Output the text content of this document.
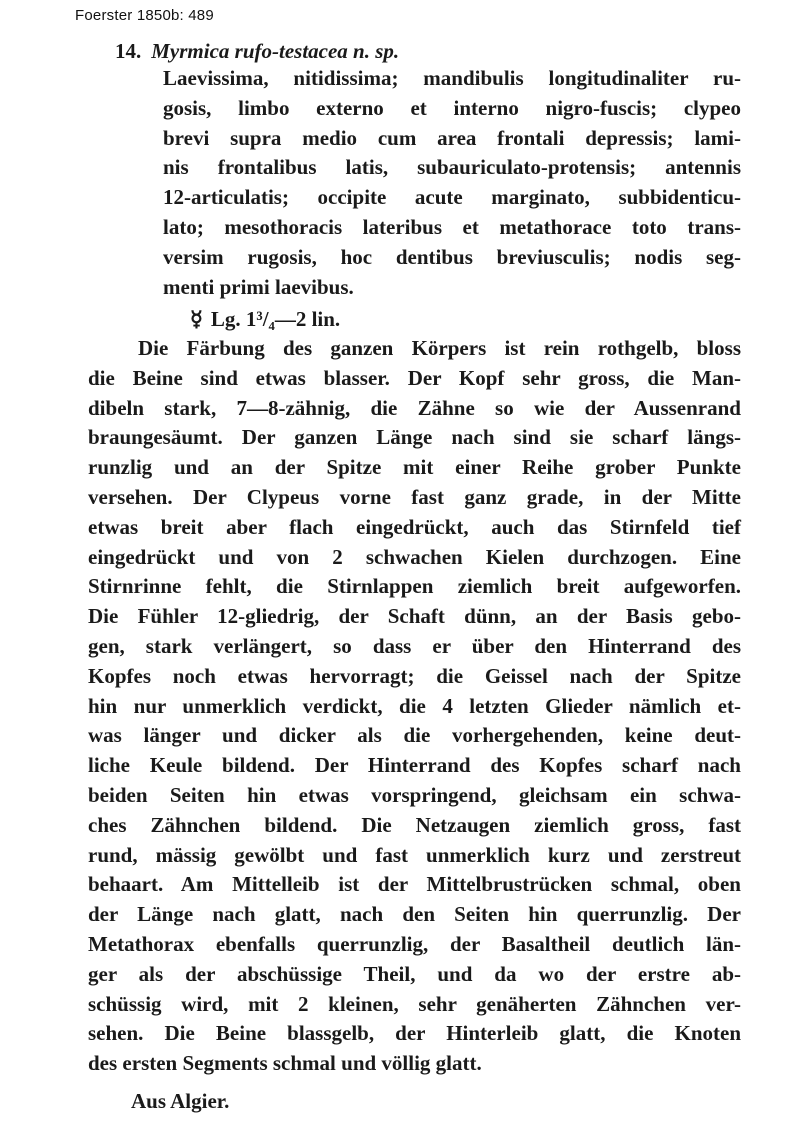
Foerster 1850b: 489
14. Myrmica rufo-testacea n. sp.
Laevissima, nitidissima; mandibulis longitudinaliter ru-
gosis, limbo externo et interno nigro-fuscis; clypeo
brevi supra medio cum area frontali depressis; lami-
nis frontalibus latis, subauriculato-protensis; antennis
12-articulatis; occipite acute marginato, subbidenticu-
lato; mesothoracis lateribus et metathorace toto trans-
versim rugosis, hoc dentibus breviusculis; nodis seg-
menti primi laevibus.
☿ Lg. 1³/₄—2 lin.
Die Färbung des ganzen Körpers ist rein rothgelb, bloss
die Beine sind etwas blasser. Der Kopf sehr gross, die Man-
dibeln stark, 7—8-zähnig, die Zähne so wie der Aussenrand
braungesäumt. Der ganzen Länge nach sind sie scharf längs-
runzlig und an der Spitze mit einer Reihe grober Punkte
versehen. Der Clypeus vorne fast ganz grade, in der Mitte
etwas breit aber flach eingedrückt, auch das Stirnfeld tief
eingedrückt und von 2 schwachen Kielen durchzogen. Eine
Stirnrinne fehlt, die Stirnlappen ziemlich breit aufgeworfen.
Die Fühler 12-gliedrig, der Schaft dünn, an der Basis gebo-
gen, stark verlängert, so dass er über den Hinterrand des
Kopfes noch etwas hervorragt; die Geissel nach der Spitze
hin nur unmerklich verdickt, die 4 letzten Glieder nämlich et-
was länger und dicker als die vorhergehenden, keine deut-
liche Keule bildend. Der Hinterrand des Kopfes scharf nach
beiden Seiten hin etwas vorspringend, gleichsam ein schwa-
ches Zähnchen bildend. Die Netzaugen ziemlich gross, fast
rund, mässig gewölbt und fast unmerklich kurz und zerstreut
behaart. Am Mittelleib ist der Mittelbrustrücken schmal, oben
der Länge nach glatt, nach den Seiten hin querrunzlig. Der
Metathorax ebenfalls querrunzlig, der Basaltheil deutlich län-
ger als der abschüssige Theil, und da wo der erstre ab-
schüssig wird, mit 2 kleinen, sehr genäherten Zähnchen ver-
sehen. Die Beine blassgelb, der Hinterleib glatt, die Knoten
des ersten Segments schmal und völlig glatt.
Aus Algier.
